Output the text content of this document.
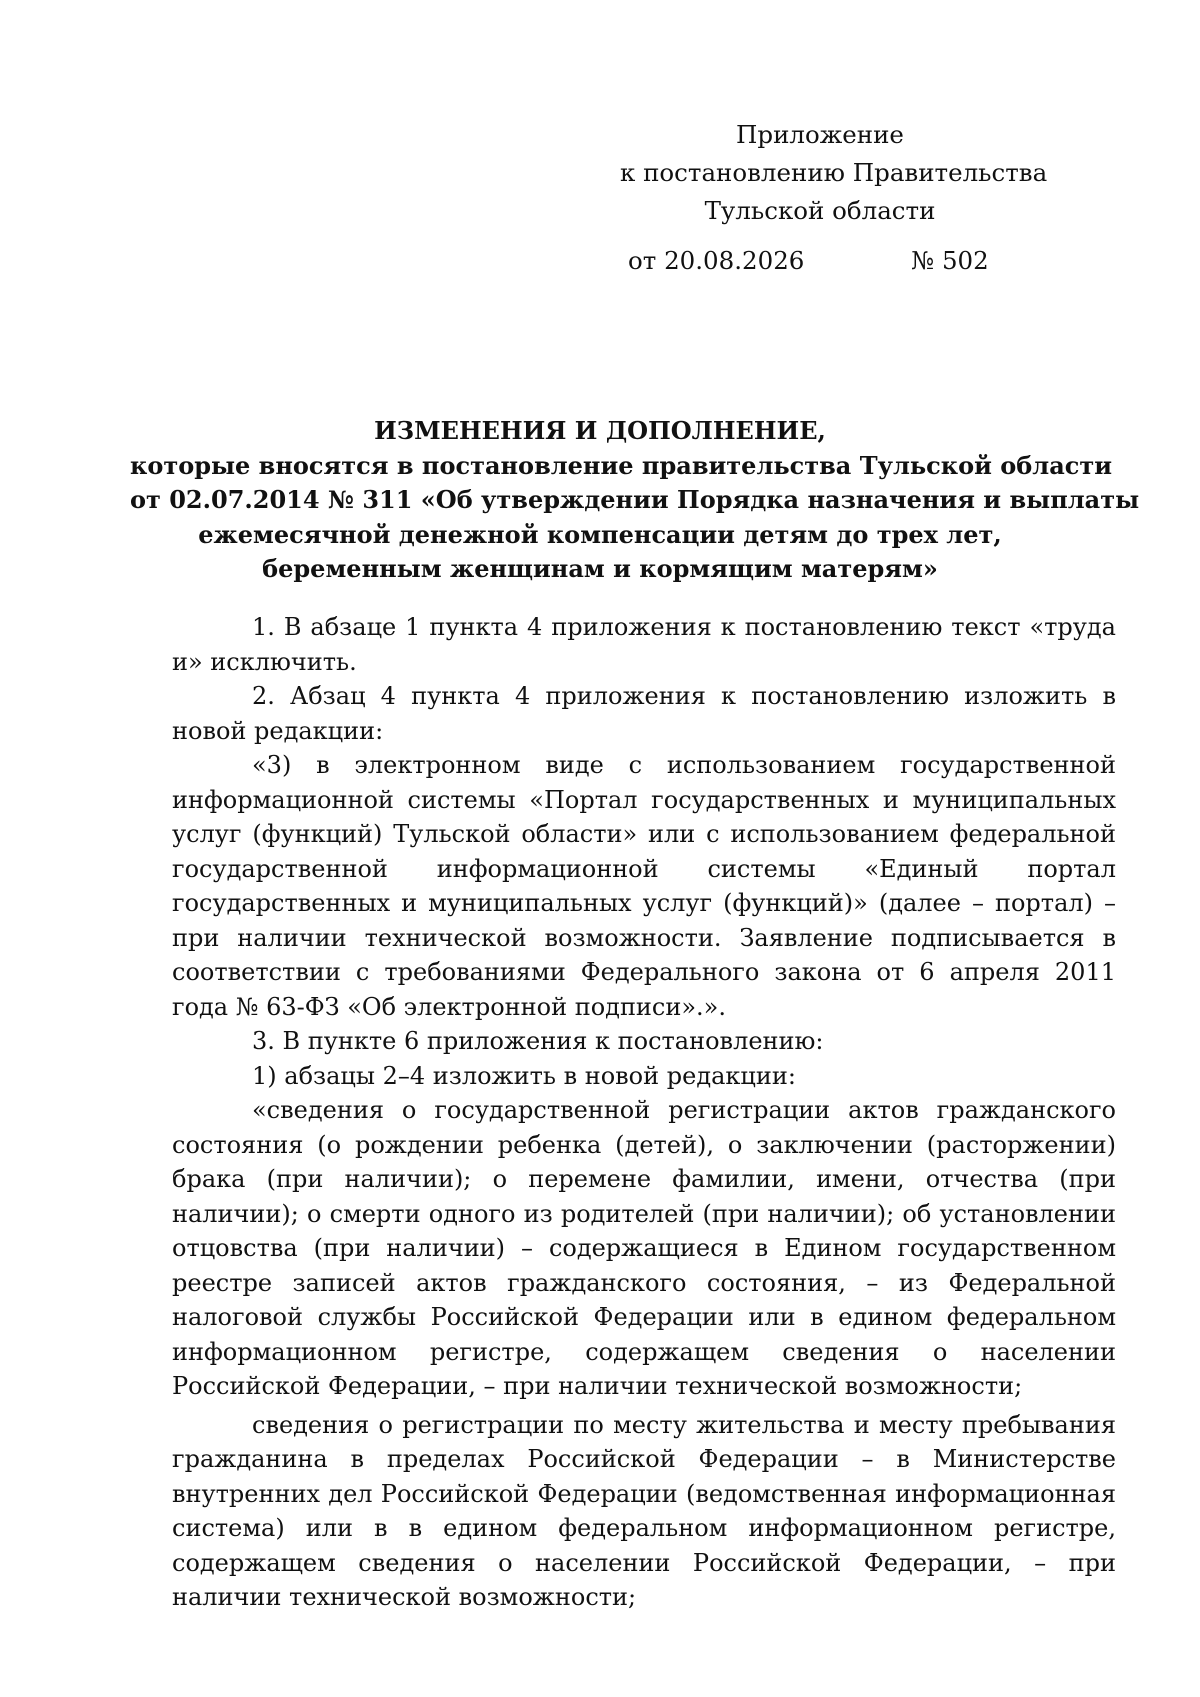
Приложение
к постановлению Правительства
Тульской области
от 20.08.2026	№ 502
ИЗМЕНЕНИЯ И ДОПОЛНЕНИЕ,
которые вносятся в постановление правительства Тульской области
от 02.07.2014 № 311 «Об утверждении Порядка назначения и выплаты
ежемесячной денежной компенсации детям до трех лет,
беременным женщинам и кормящим матерям»

1. В абзаце 1 пункта 4 приложения к постановлению текст «труда и» исключить.

2. Абзац 4 пункта 4 приложения к постановлению изложить в новой редакции:

«3) в электронном виде с использованием государственной информационной системы «Портал государственных и муниципальных услуг (функций) Тульской области» или с использованием федеральной государственной информационной системы «Единый портал государственных и муниципальных услуг (функций)» (далее – портал) – при наличии технической возможности. Заявление подписывается в соответствии с требованиями Федерального закона от 6 апреля 2011 года № 63-ФЗ «Об электронной подписи».».

3. В пункте 6 приложения к постановлению:

1) абзацы 2–4 изложить в новой редакции:

«сведения о государственной регистрации актов гражданского состояния (о рождении ребенка (детей), о заключении (расторжении) брака (при наличии); о перемене фамилии, имени, отчества (при наличии); о смерти одного из родителей (при наличии); об установлении отцовства (при наличии) – содержащиеся в Едином государственном реестре записей актов гражданского состояния, – из Федеральной налоговой службы Российской Федерации или в едином федеральном информационном регистре, содержащем сведения о населении Российской Федерации, – при наличии технической возможности;

сведения о регистрации по месту жительства и месту пребывания гражданина в пределах Российской Федерации – в Министерстве внутренних дел Российской Федерации (ведомственная информационная система) или в в едином федеральном информационном регистре, содержащем сведения о населении Российской Федерации, – при наличии технической возможности;
